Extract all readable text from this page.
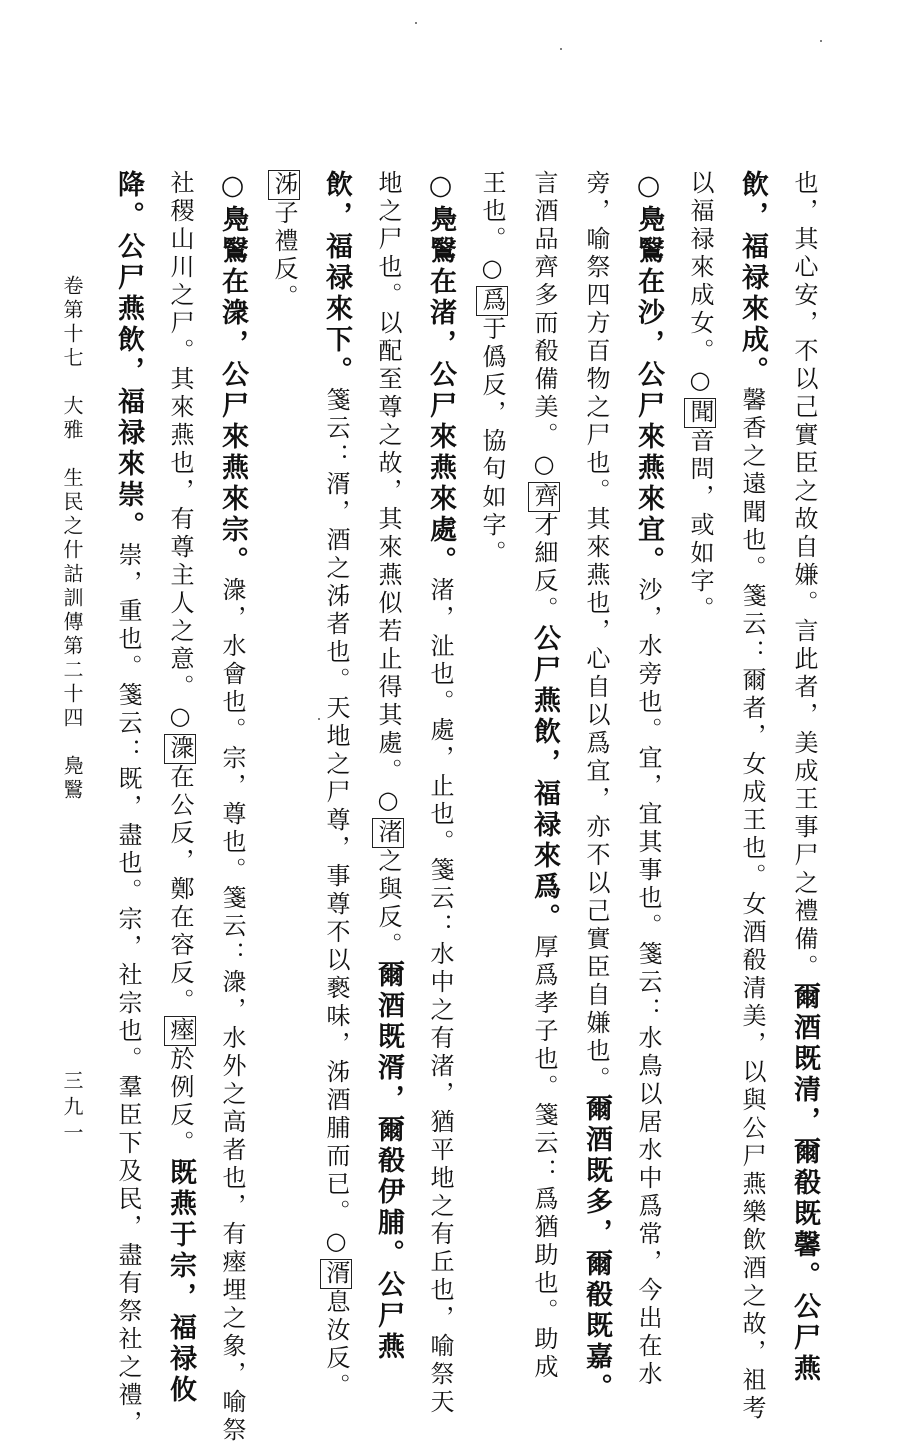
也，其心安，不以己實臣之故自嫌。言此者，美成王事尸之禮備。爾酒既清，爾殽既馨。公尸燕
飲，福禄來成。馨香之遠聞也。箋云：爾者，女成王也。女酒殽清美，以與公尸燕樂飲酒之故，祖考
以福禄來成女。○聞音問，或如字。
○鳧鷖在沙，公尸來燕來宜。沙，水旁也。宜，宜其事也。箋云：水鳥以居水中爲常，今出在水
旁，喻祭四方百物之尸也。其來燕也，心自以爲宜，亦不以己實臣自嫌也。爾酒既多，爾殽既嘉。
言酒品齊多而殽備美。○齊才細反。公尸燕飲，福禄來爲。厚爲孝子也。箋云：爲猶助也。助成
王也。○爲于僞反，協句如字。
○鳧鷖在渚，公尸來燕來處。渚，沚也。處，止也。箋云：水中之有渚，猶平地之有丘也，喻祭天
地之尸也。以配至尊之故，其來燕似若止得其處。○渚之與反。爾酒既湑，爾殽伊脯。公尸燕
飲，福禄來下。箋云：湑，酒之泲者也。天地之尸尊，事尊不以褻味，泲酒脯而已。○湑息汝反。
泲子禮反。
○鳧鷖在潨，公尸來燕來宗。潨，水會也。宗，尊也。箋云：潨，水外之高者也，有瘞埋之象，喻祭
社稷山川之尸。其來燕也，有尊主人之意。○潨在公反，鄭在容反。瘞於例反。既燕于宗，福禄攸
降。公尸燕飲，福禄來崇。崇，重也。箋云：既，盡也。宗，社宗也。羣臣下及民，盡有祭社之禮，
卷第十七　大雅　生民之什詁訓傳第二十四　鳧鷖
三九一
